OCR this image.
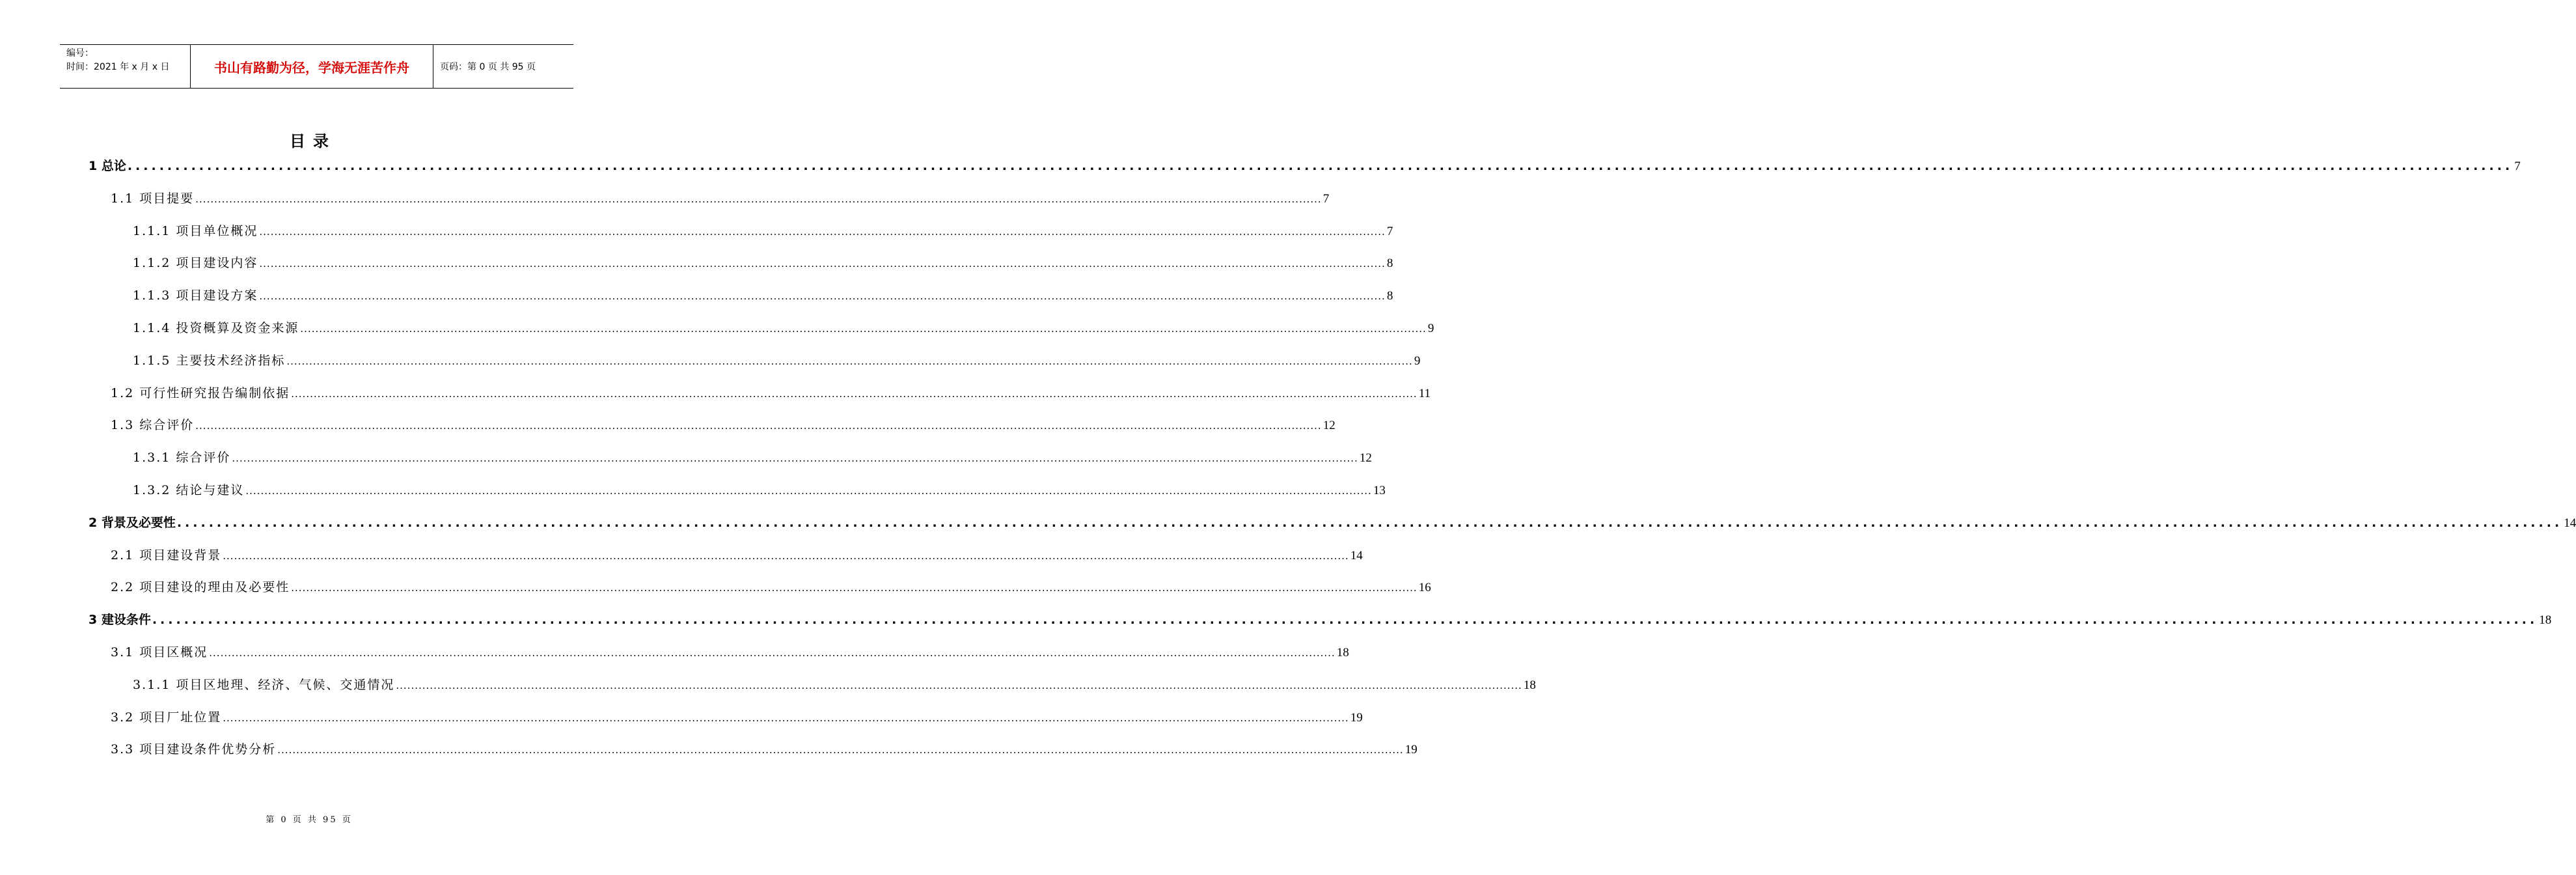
编号：
时间：2021 年 x 月 x 日	书山有路勤为径，学海无涯苦作舟	页码：第 0 页 共 95 页
目录
1 总论 ............................................................................................................................................................................................................................................................................................................ 7
1.1 项目提要 ............................................................................................................................................................................................................................................................................................................ 7
1.1.1 项目单位概况 ............................................................................................................................................................................................................................................................................................................ 7
1.1.2 项目建设内容 ............................................................................................................................................................................................................................................................................................................ 8
1.1.3 项目建设方案 ............................................................................................................................................................................................................................................................................................................ 8
1.1.4 投资概算及资金来源 ............................................................................................................................................................................................................................................................................................................ 9
1.1.5 主要技术经济指标 ............................................................................................................................................................................................................................................................................................................ 9
1.2 可行性研究报告编制依据 ............................................................................................................................................................................................................................................................................................................ 11
1.3 综合评价 ............................................................................................................................................................................................................................................................................................................ 12
1.3.1 综合评价 ............................................................................................................................................................................................................................................................................................................ 12
1.3.2 结论与建议 ............................................................................................................................................................................................................................................................................................................ 13
2 背景及必要性 ............................................................................................................................................................................................................................................................................................................ 14
2.1 项目建设背景 ............................................................................................................................................................................................................................................................................................................ 14
2.2 项目建设的理由及必要性 ............................................................................................................................................................................................................................................................................................................ 16
3 建设条件 ............................................................................................................................................................................................................................................................................................................ 18
3.1 项目区概况 ............................................................................................................................................................................................................................................................................................................ 18
3.1.1 项目区地理、经济、气候、交通情况 ............................................................................................................................................................................................................................................................................................................ 18
3.2 项目厂址位置 ............................................................................................................................................................................................................................................................................................................ 19
3.3 项目建设条件优势分析 ............................................................................................................................................................................................................................................................................................................ 19
第 0 页 共 95 页
